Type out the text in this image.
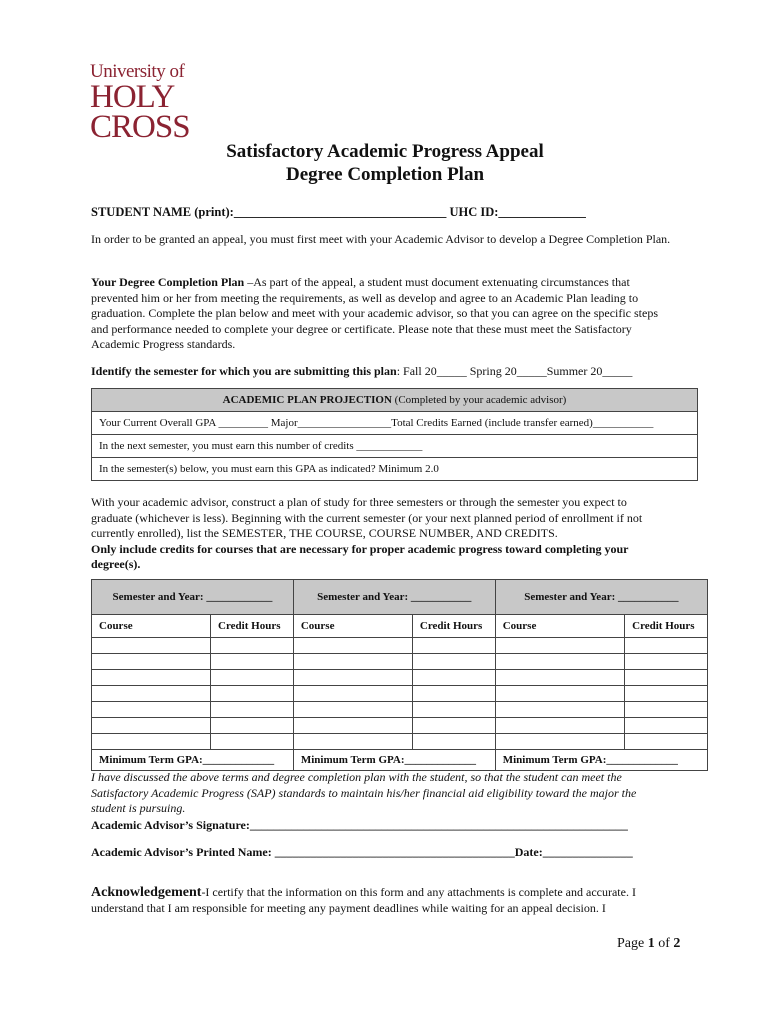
University of
HOLY
CROSS
Satisfactory Academic Progress Appeal
Degree Completion Plan
STUDENT NAME (print):__________________________________ UHC ID:______________
In order to be granted an appeal, you must first meet with your Academic Advisor to develop a Degree Completion Plan.
Your Degree Completion Plan –As part of the appeal, a student must document extenuating circumstances that prevented him or her from meeting the requirements, as well as develop and agree to an Academic Plan leading to graduation. Complete the plan below and meet with your academic advisor, so that you can agree on the specific steps and performance needed to complete your degree or certificate. Please note that these must meet the Satisfactory Academic Progress standards.
Identify the semester for which you are submitting this plan: Fall 20_____ Spring 20_____Summer 20_____
ACADEMIC PLAN PROJECTION (Completed by your academic advisor)
Your Current Overall GPA _________ Major_________________Total Credits Earned (include transfer earned)___________
In the next semester, you must earn this number of credits ____________
In the semester(s) below, you must earn this GPA as indicated? Minimum 2.0
With your academic advisor, construct a plan of study for three semesters or through the semester you expect to graduate (whichever is less). Beginning with the current semester (or your next planned period of enrollment if not currently enrolled), list the SEMESTER, THE COURSE, COURSE NUMBER, AND CREDITS.
Only include credits for courses that are necessary for proper academic progress toward completing your degree(s).
Semester and Year: ____________		Semester and Year: ___________		Semester and Year: ___________	
Course	Credit Hours	Course	Credit Hours	Course	Credit Hours

Minimum Term GPA:_____________		Minimum Term GPA:_____________		Minimum Term GPA:_____________	
I have discussed the above terms and degree completion plan with the student, so that the student can meet the Satisfactory Academic Progress (SAP) standards to maintain his/her financial aid eligibility toward the major the student is pursuing.
Academic Advisor’s Signature:_______________________________________________________________
Academic Advisor’s Printed Name: ________________________________________Date:_______________
Acknowledgement-I certify that the information on this form and any attachments is complete and accurate. I understand that I am responsible for meeting any payment deadlines while waiting for an appeal decision. I
Page 1 of 2
